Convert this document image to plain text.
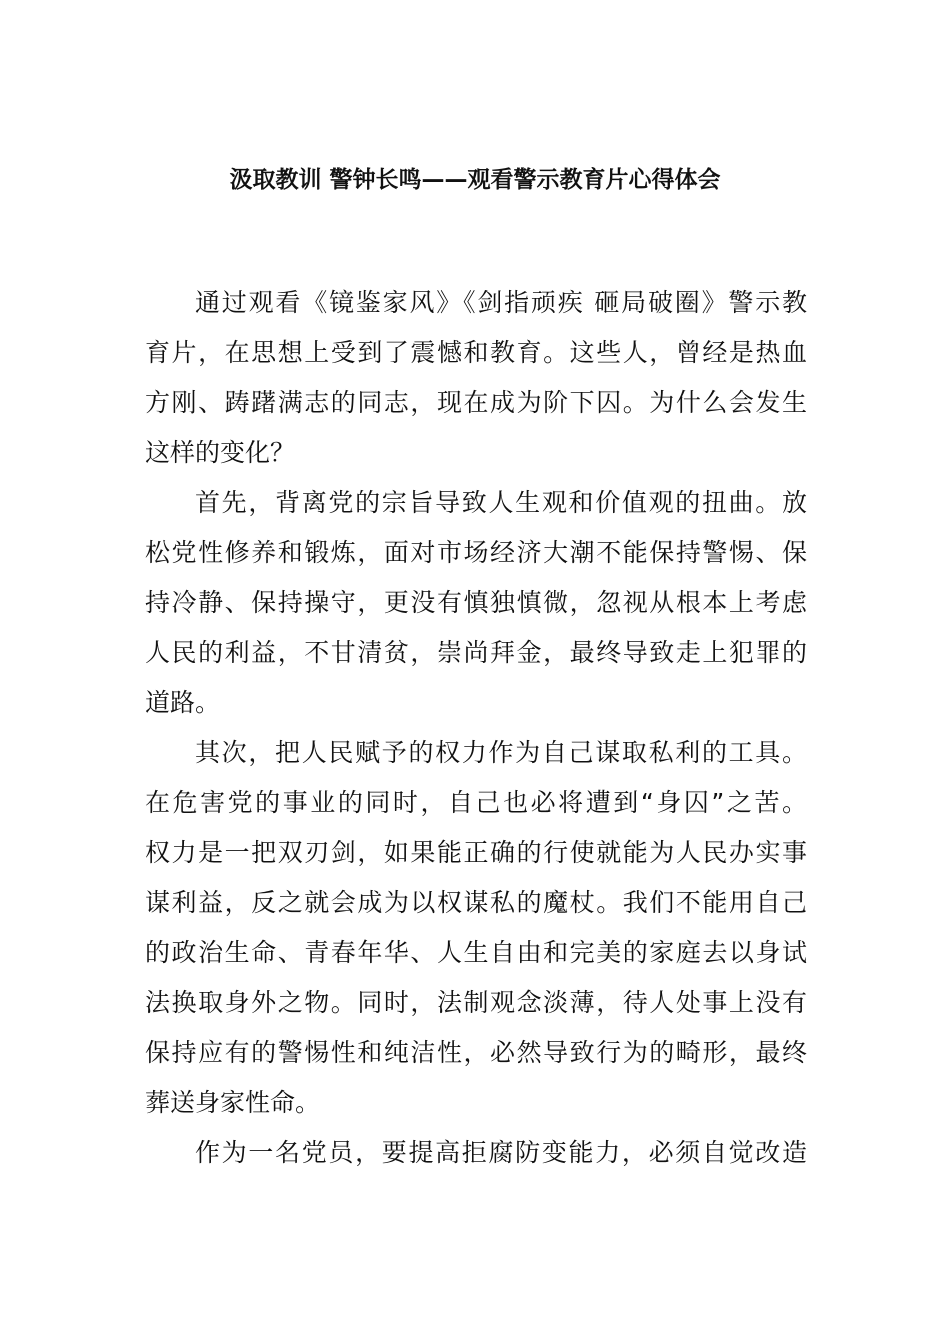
汲取教训 警钟长鸣——观看警示教育片心得体会
通过观看《镜鉴家风》《剑指顽疾 砸局破圈》警示教
育片，在思想上受到了震憾和教育。这些人，曾经是热血
方刚、踌躇满志的同志，现在成为阶下囚。为什么会发生
这样的变化？
首先，背离党的宗旨导致人生观和价值观的扭曲。放
松党性修养和锻炼，面对市场经济大潮不能保持警惕、保
持冷静、保持操守，更没有慎独慎微，忽视从根本上考虑
人民的利益，不甘清贫，崇尚拜金，最终导致走上犯罪的
道路。
其次，把人民赋予的权力作为自己谋取私利的工具。
在危害党的事业的同时，自己也必将遭到“身囚”之苦。
权力是一把双刃剑，如果能正确的行使就能为人民办实事
谋利益，反之就会成为以权谋私的魔杖。我们不能用自己
的政治生命、青春年华、人生自由和完美的家庭去以身试
法换取身外之物。同时，法制观念淡薄，待人处事上没有
保持应有的警惕性和纯洁性，必然导致行为的畸形，最终
葬送身家性命。
作为一名党员，要提高拒腐防变能力，必须自觉改造
